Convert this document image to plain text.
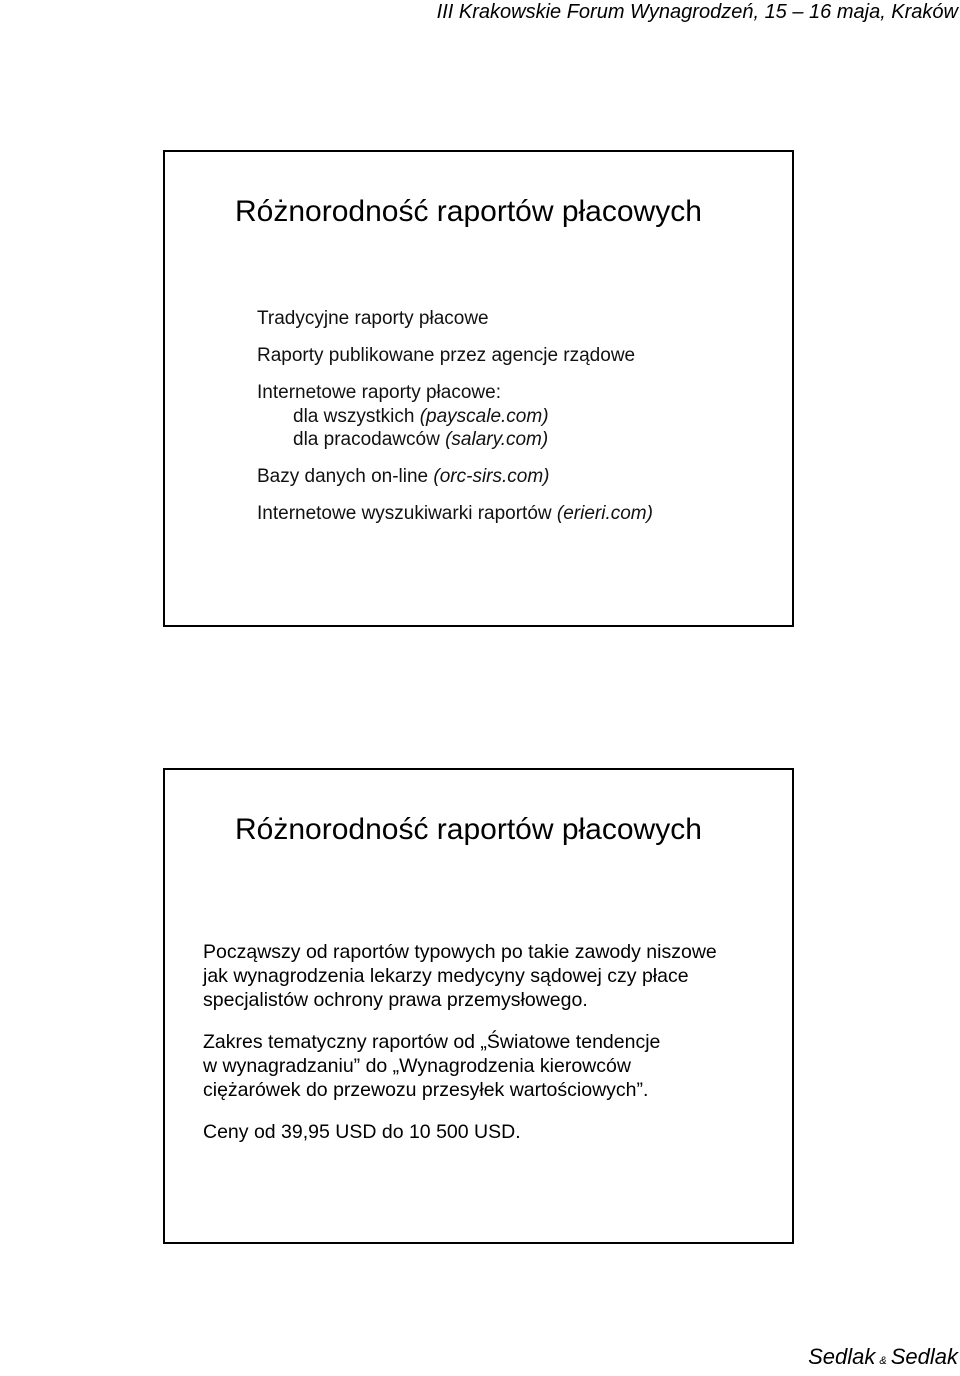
III Krakowskie Forum Wynagrodzeń, 15 – 16 maja, Kraków
Różnorodność raportów płacowych
Tradycyjne raporty płacowe
Raporty publikowane przez agencje rządowe
Internetowe raporty płacowe:
dla wszystkich (payscale.com)
dla pracodawców (salary.com)
Bazy danych on-line (orc-sirs.com)
Internetowe wyszukiwarki raportów (erieri.com)
Różnorodność raportów płacowych
Począwszy od raportów typowych po takie zawody niszowe
jak wynagrodzenia lekarzy medycyny sądowej czy płace
specjalistów ochrony prawa przemysłowego.
Zakres tematyczny raportów od „Światowe tendencje
w wynagradzaniu” do „Wynagrodzenia kierowców
ciężarówek do przewozu przesyłek wartościowych”.
Ceny od 39,95 USD do 10 500 USD.
Sedlak & Sedlak
